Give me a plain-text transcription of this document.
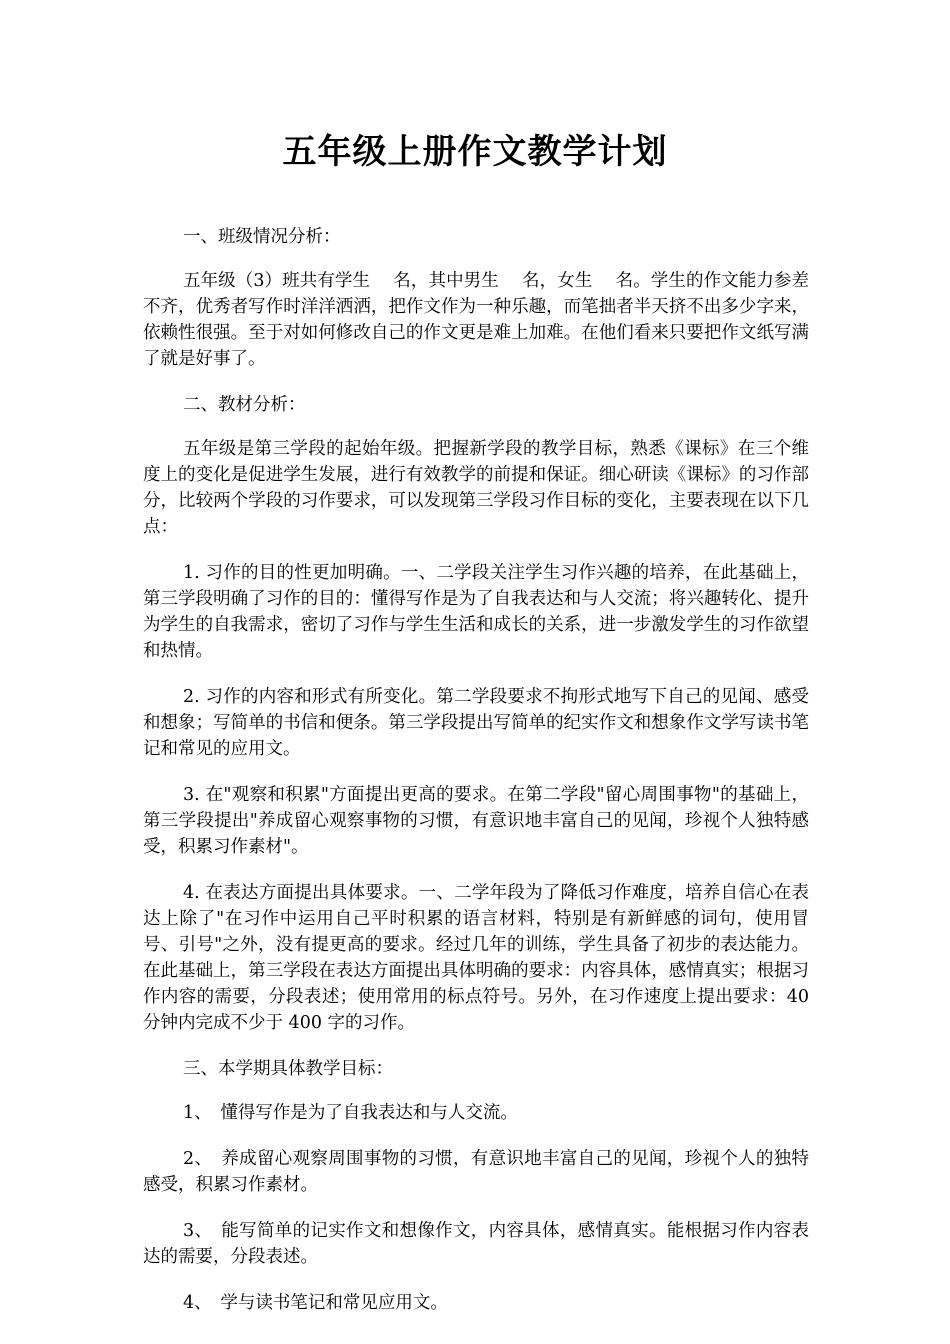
五年级上册作文教学计划

一、班级情况分析：

五年级（3）班共有学生　 名，其中男生　 名，女生　 名。学生的作文能力参差不齐，优秀者写作时洋洋洒洒，把作文作为一种乐趣，而笔拙者半天挤不出多少字来，依赖性很强。至于对如何修改自己的作文更是难上加难。在他们看来只要把作文纸写满了就是好事了。

二、教材分析：

五年级是第三学段的起始年级。把握新学段的教学目标，熟悉《课标》在三个维度上的变化是促进学生发展，进行有效教学的前提和保证。细心研读《课标》的习作部分，比较两个学段的习作要求，可以发现第三学段习作目标的变化，主要表现在以下几点：

1. 习作的目的性更加明确。一、二学段关注学生习作兴趣的培养，在此基础上，第三学段明确了习作的目的：懂得写作是为了自我表达和与人交流；将兴趣转化、提升为学生的自我需求，密切了习作与学生生活和成长的关系，进一步激发学生的习作欲望和热情。

2. 习作的内容和形式有所变化。第二学段要求不拘形式地写下自己的见闻、感受和想象；写简单的书信和便条。第三学段提出写简单的纪实作文和想象作文学写读书笔记和常见的应用文。

3. 在"观察和积累"方面提出更高的要求。在第二学段"留心周围事物"的基础上，第三学段提出"养成留心观察事物的习惯，有意识地丰富自己的见闻，珍视个人独特感受，积累习作素材"。

4. 在表达方面提出具体要求。一、二学年段为了降低习作难度，培养自信心在表达上除了"在习作中运用自己平时积累的语言材料，特别是有新鲜感的词句，使用冒号、引号"之外，没有提更高的要求。经过几年的训练，学生具备了初步的表达能力。在此基础上，第三学段在表达方面提出具体明确的要求：内容具体，感情真实；根据习作内容的需要，分段表述；使用常用的标点符号。另外，在习作速度上提出要求：40 分钟内完成不少于 400 字的习作。

三、本学期具体教学目标：

1、　懂得写作是为了自我表达和与人交流。

2、　养成留心观察周围事物的习惯，有意识地丰富自己的见闻，珍视个人的独特感受，积累习作素材。

3、　能写简单的记实作文和想像作文，内容具体，感情真实。能根据习作内容表达的需要，分段表述。

4、　学与读书笔记和常见应用文。
